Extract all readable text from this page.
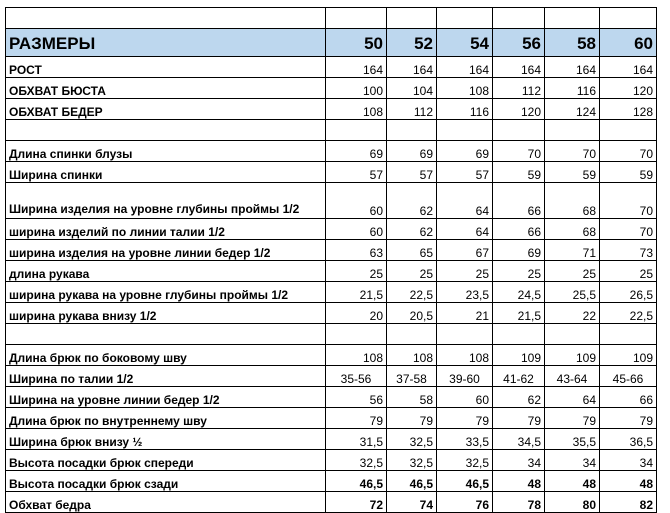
РАЗМЕРЫ	50	52	54	56	58	60
РОСТ	164	164	164	164	164	164
ОБХВАТ БЮСТА	100	104	108	112	116	120
ОБХВАТ БЕДЕР	108	112	116	120	124	128

Длина спинки блузы	69	69	69	70	70	70
Ширина спинки	57	57	57	59	59	59
Ширина изделия на уровне глубины проймы 1/2	60	62	64	66	68	70
ширина изделий по линии талии 1/2	60	62	64	66	68	70
ширина изделия на уровне линии бедер 1/2	63	65	67	69	71	73
длина рукава	25	25	25	25	25	25
ширина рукава на уровне глубины проймы 1/2	21,5	22,5	23,5	24,5	25,5	26,5
ширина рукава внизу 1/2	20	20,5	21	21,5	22	22,5

Длина брюк по боковому шву	108	108	108	109	109	109
Ширина по талии 1/2	35-56	37-58	39-60	41-62	43-64	45-66
Ширина на уровне линии бедер 1/2	56	58	60	62	64	66
Длина брюк по внутреннему шву	79	79	79	79	79	79
Ширина брюк внизу ½	31,5	32,5	33,5	34,5	35,5	36,5
Высота посадки брюк спереди	32,5	32,5	32,5	34	34	34
Высота посадки брюк сзади	46,5	46,5	46,5	48	48	48
Обхват бедра	72	74	76	78	80	82
